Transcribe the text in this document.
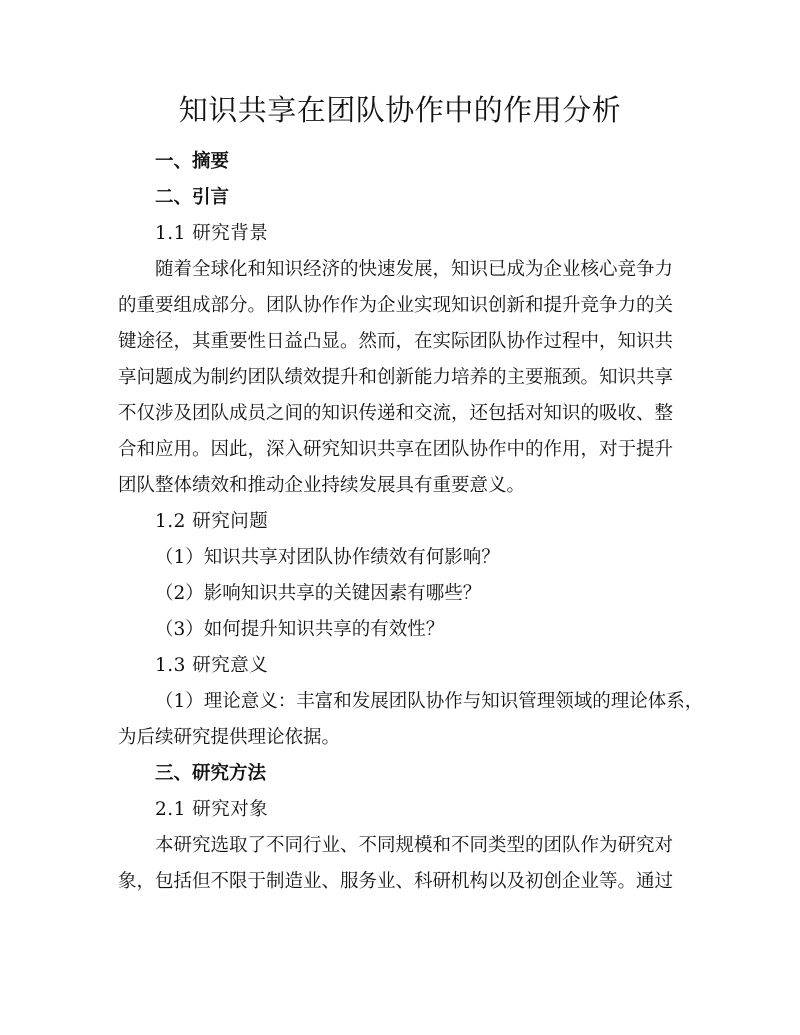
知识共享在团队协作中的作用分析
一、摘要
二、引言
1.1 研究背景
随着全球化和知识经济的快速发展，知识已成为企业核心竞争力
的重要组成部分。团队协作作为企业实现知识创新和提升竞争力的关
键途径，其重要性日益凸显。然而，在实际团队协作过程中，知识共
享问题成为制约团队绩效提升和创新能力培养的主要瓶颈。知识共享
不仅涉及团队成员之间的知识传递和交流，还包括对知识的吸收、整
合和应用。因此，深入研究知识共享在团队协作中的作用，对于提升
团队整体绩效和推动企业持续发展具有重要意义。
1.2 研究问题
（1）知识共享对团队协作绩效有何影响？
（2）影响知识共享的关键因素有哪些？
（3）如何提升知识共享的有效性？
1.3 研究意义
（1）理论意义：丰富和发展团队协作与知识管理领域的理论体系，
为后续研究提供理论依据。
三、研究方法
2.1 研究对象
本研究选取了不同行业、不同规模和不同类型的团队作为研究对
象，包括但不限于制造业、服务业、科研机构以及初创企业等。通过
